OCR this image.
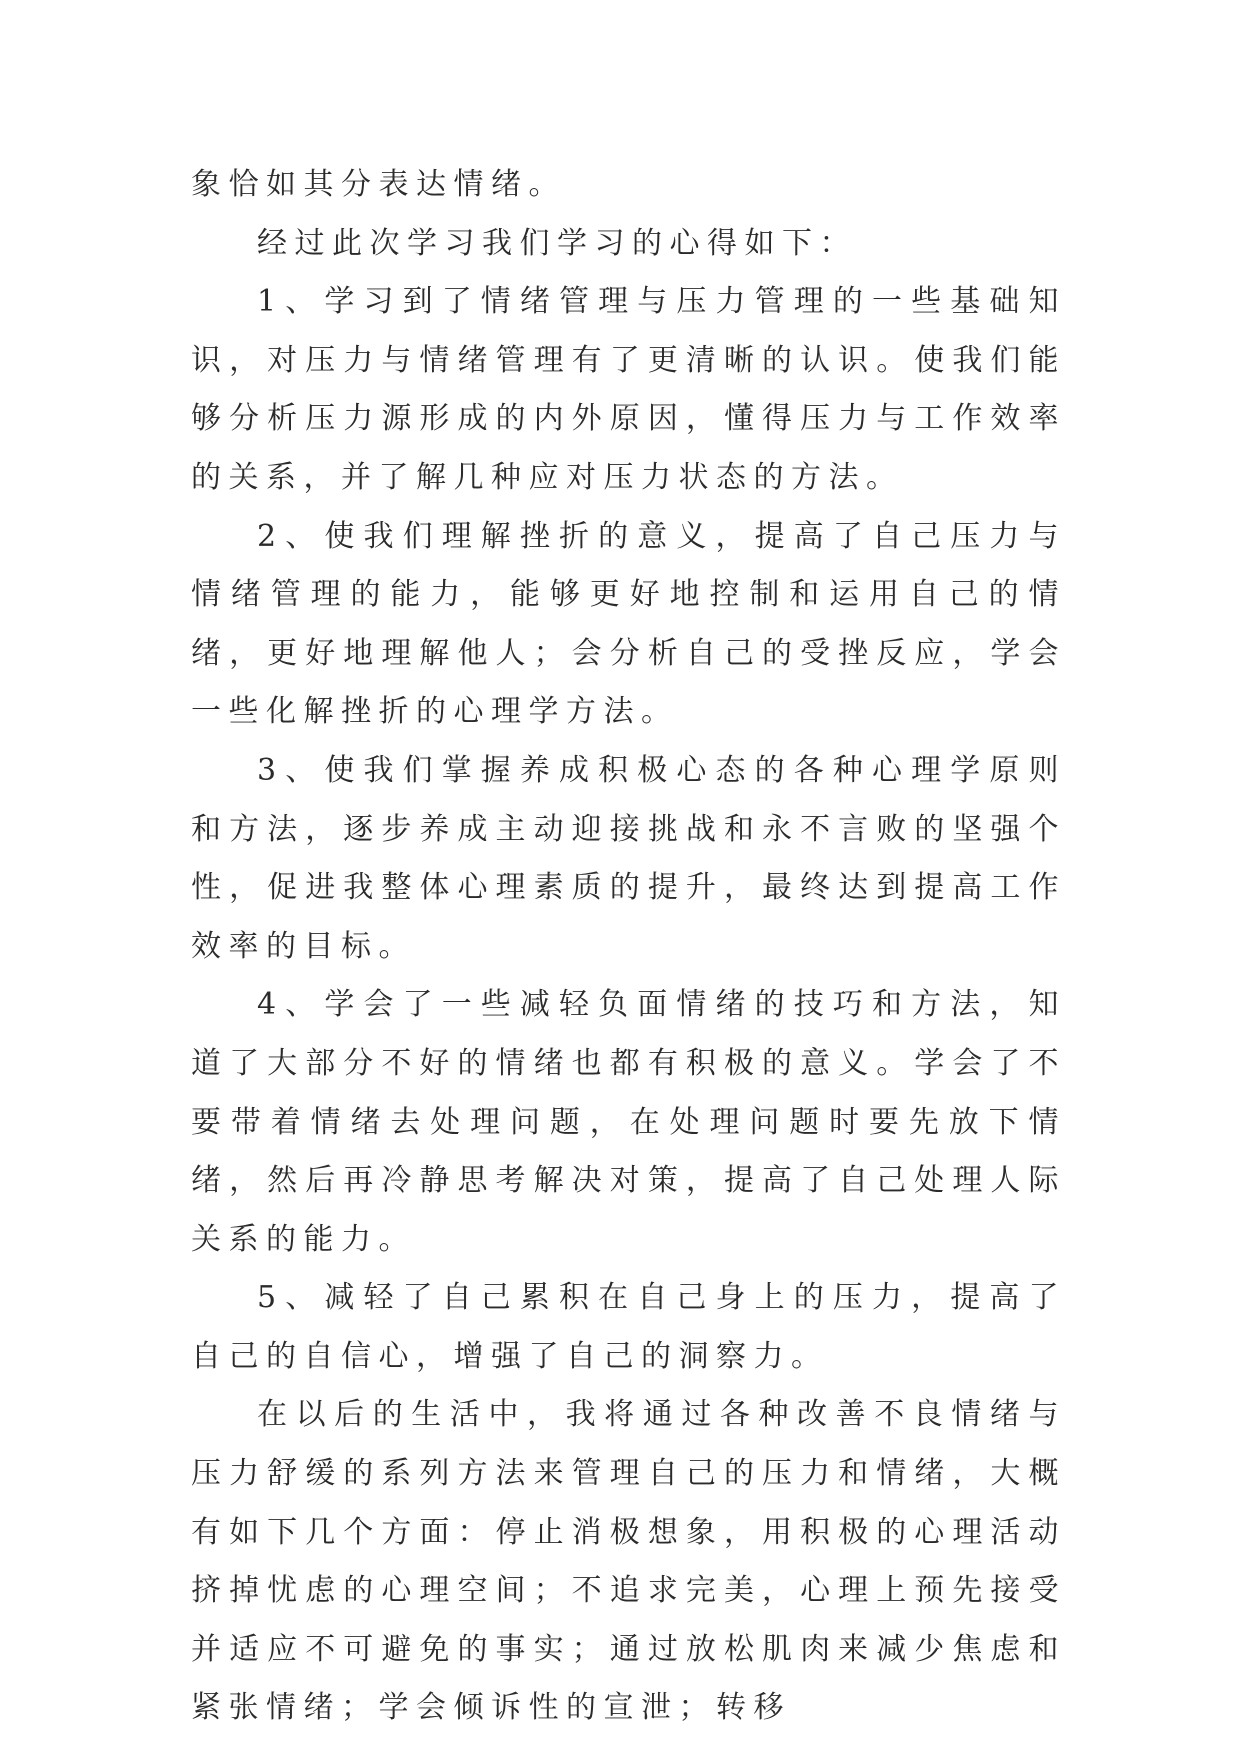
象恰如其分表达情绪。

经过此次学习我们学习的心得如下：

1、学习到了情绪管理与压力管理的一些基础知识，对压力与情绪管理有了更清晰的认识。使我们能够分析压力源形成的内外原因，懂得压力与工作效率的关系，并了解几种应对压力状态的方法。

2、使我们理解挫折的意义，提高了自己压力与情绪管理的能力，能够更好地控制和运用自己的情绪，更好地理解他人；会分析自己的受挫反应，学会一些化解挫折的心理学方法。

3、使我们掌握养成积极心态的各种心理学原则和方法，逐步养成主动迎接挑战和永不言败的坚强个性，促进我整体心理素质的提升，最终达到提高工作效率的目标。

4、学会了一些减轻负面情绪的技巧和方法，知道了大部分不好的情绪也都有积极的意义。学会了不要带着情绪去处理问题，在处理问题时要先放下情绪，然后再冷静思考解决对策，提高了自己处理人际关系的能力。

5、减轻了自己累积在自己身上的压力，提高了自己的自信心，增强了自己的洞察力。

在以后的生活中，我将通过各种改善不良情绪与压力舒缓的系列方法来管理自己的压力和情绪，大概有如下几个方面：停止消极想象，用积极的心理活动挤掉忧虑的心理空间；不追求完美，心理上预先接受并适应不可避免的事实；通过放松肌肉来减少焦虑和紧张情绪；学会倾诉性的宣泄；转移
